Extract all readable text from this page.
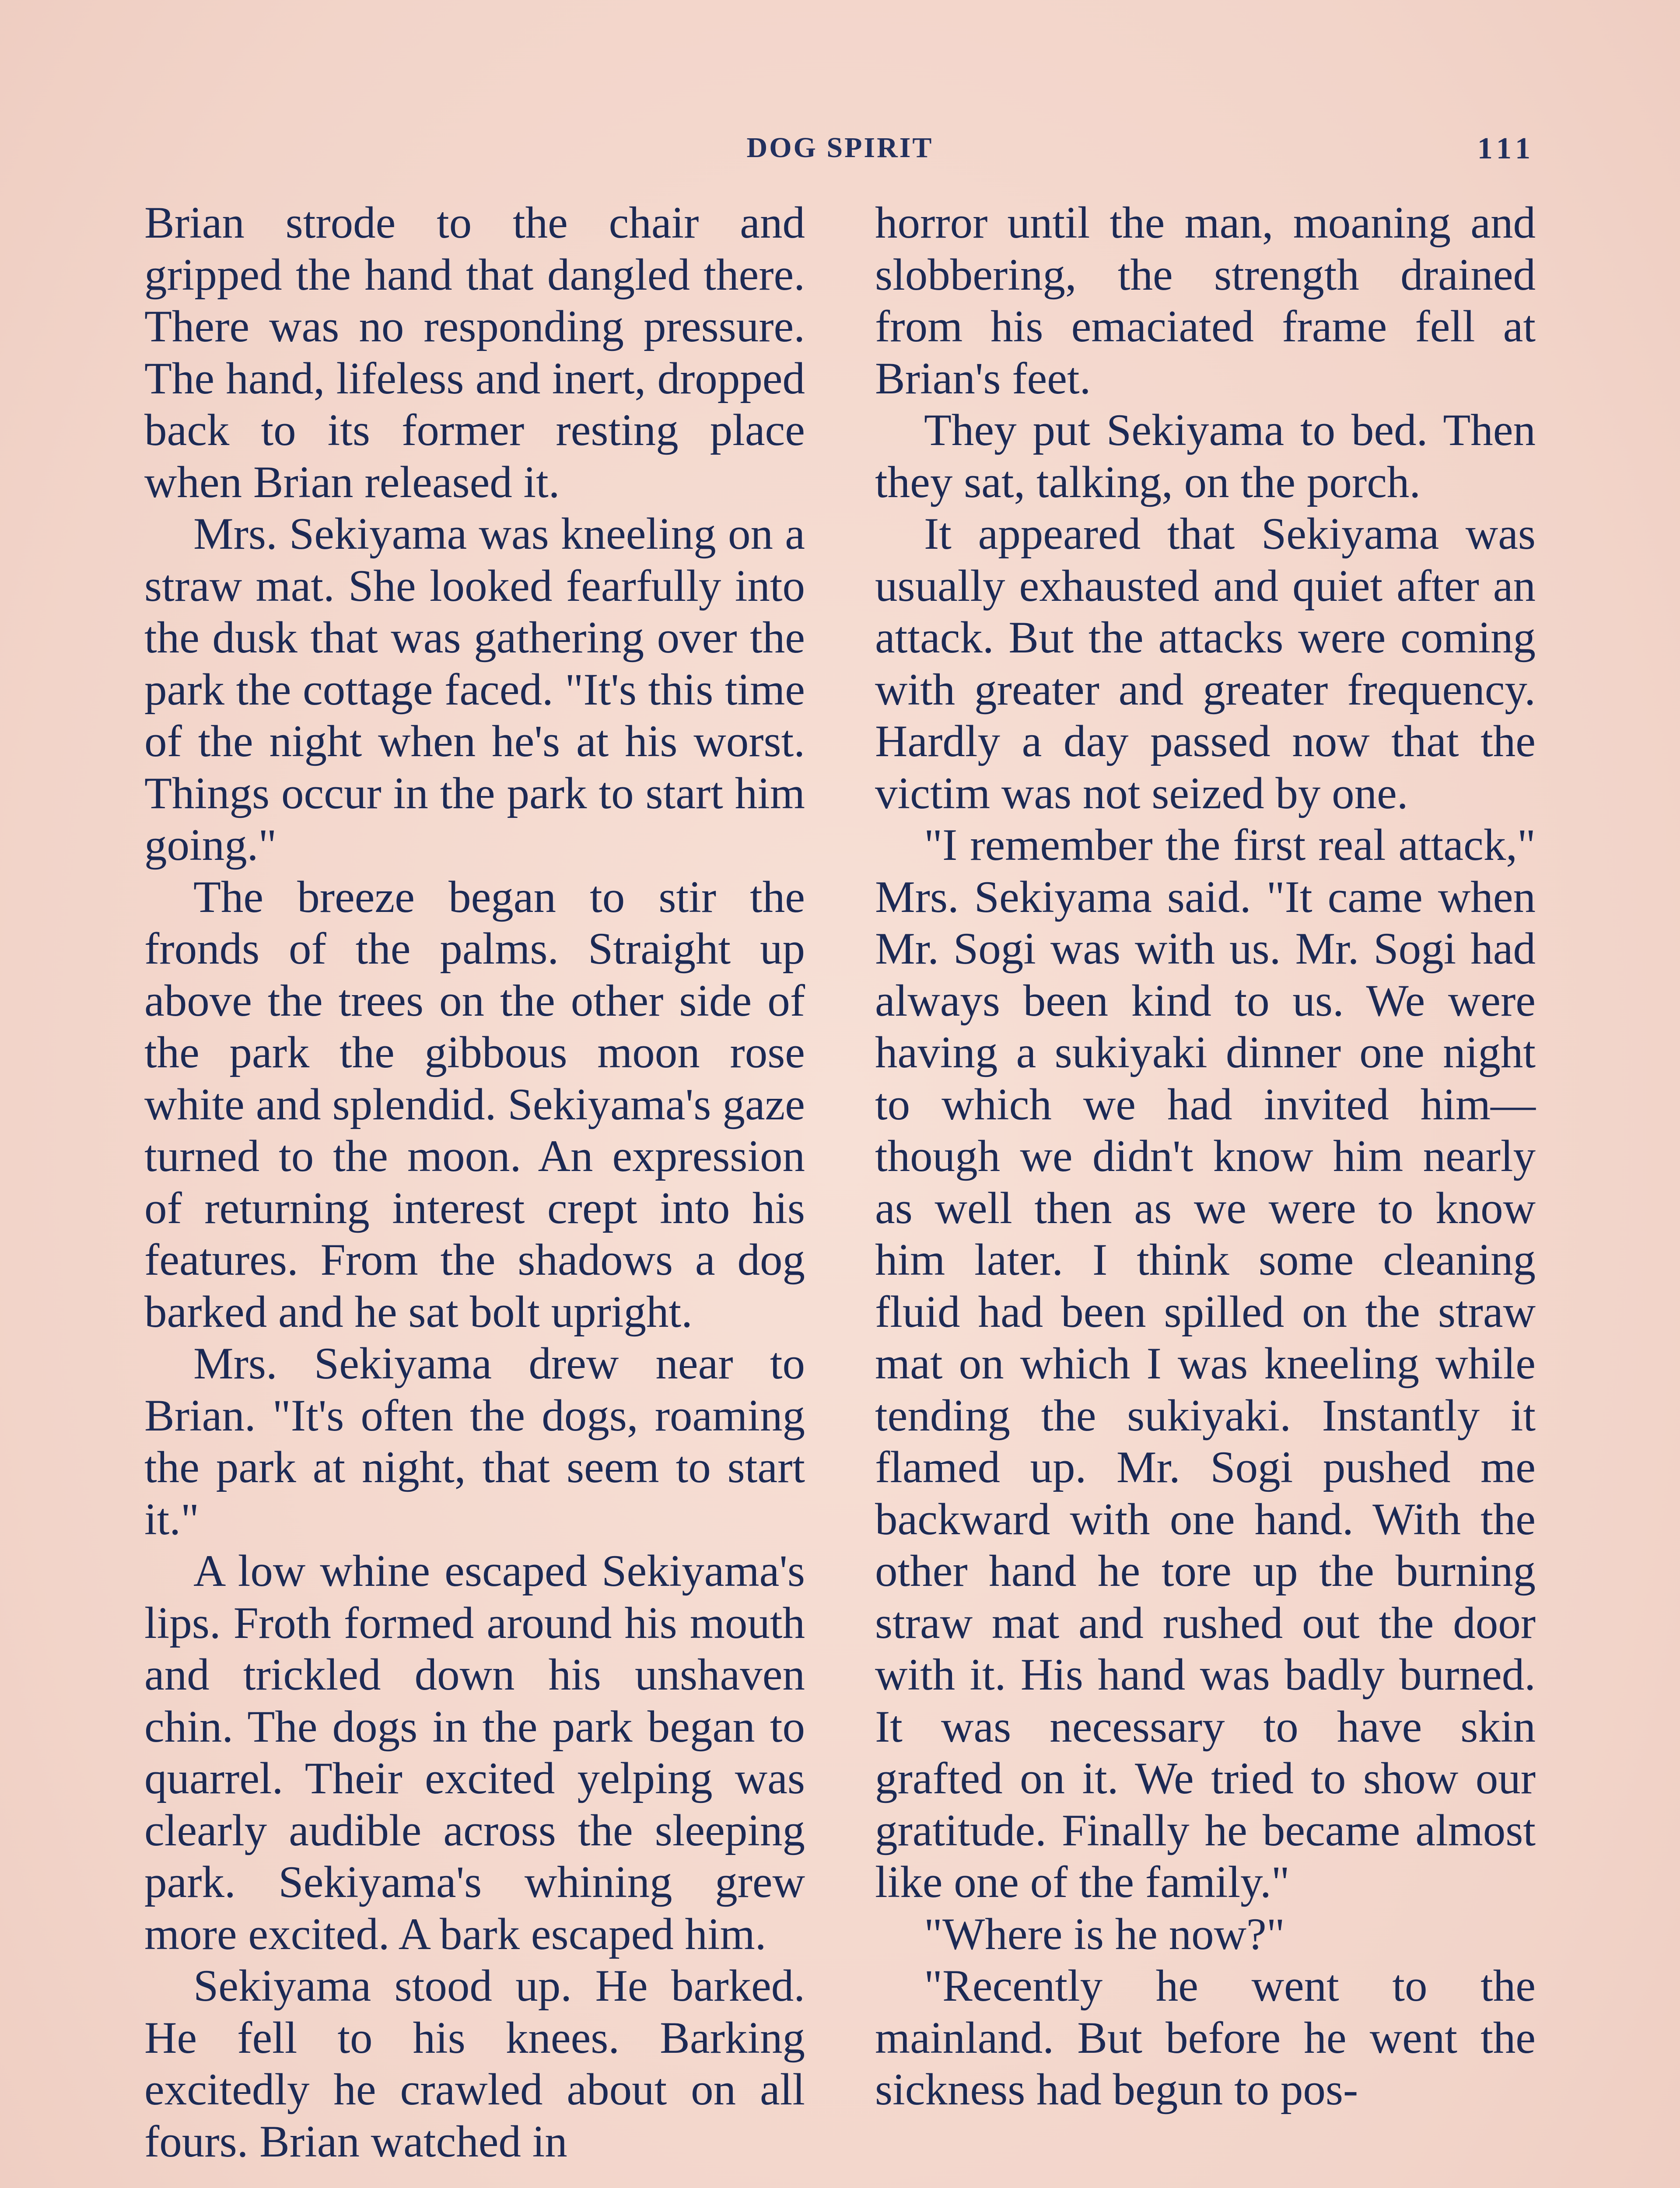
DOG SPIRIT	111

Brian strode to the chair and gripped the hand that dangled there. There was no responding pressure. The hand, lifeless and inert, dropped back to its former resting place when Brian released it.

Mrs. Sekiyama was kneeling on a straw mat. She looked fearfully into the dusk that was gathering over the park the cottage faced. "It's this time of the night when he's at his worst. Things occur in the park to start him going."

The breeze began to stir the fronds of the palms. Straight up above the trees on the other side of the park the gibbous moon rose white and splendid. Sekiyama's gaze turned to the moon. An expression of returning interest crept into his features. From the shadows a dog barked and he sat bolt upright.

Mrs. Sekiyama drew near to Brian. "It's often the dogs, roaming the park at night, that seem to start it."

A low whine escaped Sekiyama's lips. Froth formed around his mouth and trickled down his unshaven chin. The dogs in the park began to quarrel. Their excited yelping was clearly audible across the sleeping park. Sekiyama's whining grew more excited. A bark escaped him.

Sekiyama stood up. He barked. He fell to his knees. Barking excitedly he crawled about on all fours. Brian watched in

horror until the man, moaning and slobbering, the strength drained from his emaciated frame fell at Brian's feet.

They put Sekiyama to bed. Then they sat, talking, on the porch.

It appeared that Sekiyama was usually exhausted and quiet after an attack. But the attacks were coming with greater and greater frequency. Hardly a day passed now that the victim was not seized by one.

"I remember the first real attack," Mrs. Sekiyama said. "It came when Mr. Sogi was with us. Mr. Sogi had always been kind to us. We were having a sukiyaki dinner one night to which we had invited him—though we didn't know him nearly as well then as we were to know him later. I think some cleaning fluid had been spilled on the straw mat on which I was kneeling while tending the sukiyaki. Instantly it flamed up. Mr. Sogi pushed me backward with one hand. With the other hand he tore up the burning straw mat and rushed out the door with it. His hand was badly burned. It was necessary to have skin grafted on it. We tried to show our gratitude. Finally he became almost like one of the family."

"Where is he now?"

"Recently he went to the mainland. But before he went the sickness had begun to pos-
